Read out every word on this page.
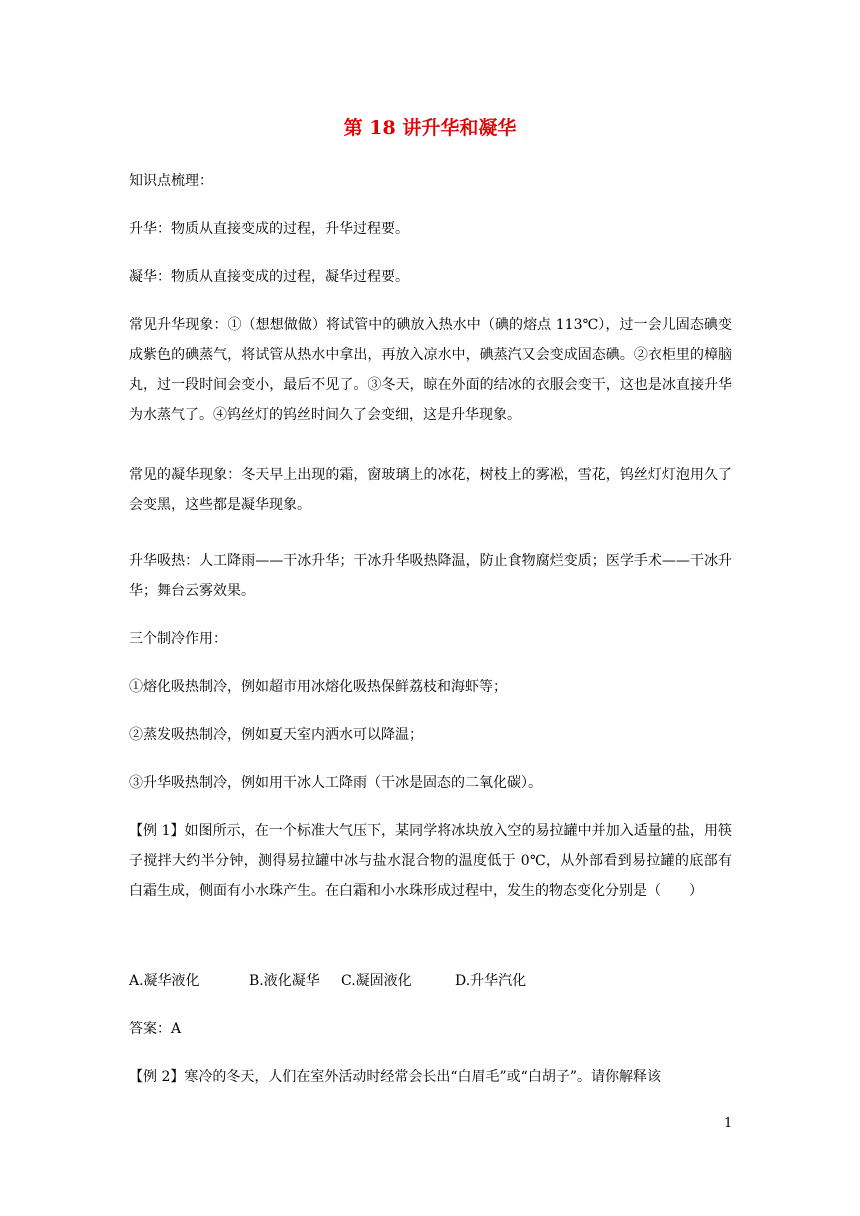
第 18 讲升华和凝华
知识点梳理：
升华：物质从直接变成的过程，升华过程要。
凝华：物质从直接变成的过程，凝华过程要。
常见升华现象：①（想想做做）将试管中的碘放入热水中（碘的熔点 113℃），过一会儿固态碘变成紫色的碘蒸气，将试管从热水中拿出，再放入凉水中，碘蒸汽又会变成固态碘。②衣柜里的樟脑丸，过一段时间会变小，最后不见了。③冬天，晾在外面的结冰的衣服会变干，这也是冰直接升华为水蒸气了。④钨丝灯的钨丝时间久了会变细，这是升华现象。
常见的凝华现象：冬天早上出现的霜，窗玻璃上的冰花，树枝上的雾凇，雪花，钨丝灯灯泡用久了会变黑，这些都是凝华现象。
升华吸热：人工降雨——干冰升华；干冰升华吸热降温，防止食物腐烂变质；医学手术——干冰升华；舞台云雾效果。
三个制冷作用：
①熔化吸热制冷，例如超市用冰熔化吸热保鲜荔枝和海虾等；
②蒸发吸热制冷，例如夏天室内洒水可以降温；
③升华吸热制冷，例如用干冰人工降雨（干冰是固态的二氧化碳）。
【例 1】如图所示，在一个标准大气压下，某同学将冰块放入空的易拉罐中并加入适量的盐，用筷子搅拌大约半分钟，测得易拉罐中冰与盐水混合物的温度低于 0℃，从外部看到易拉罐的底部有白霜生成，侧面有小水珠产生。在白霜和小水珠形成过程中，发生的物态变化分别是（　　）
A.凝华液化	B.液化凝华 C.凝固液化	D.升华汽化
答案：A
【例 2】寒冷的冬天，人们在室外活动时经常会长出“白眉毛”或“白胡子”。请你解释该
1
